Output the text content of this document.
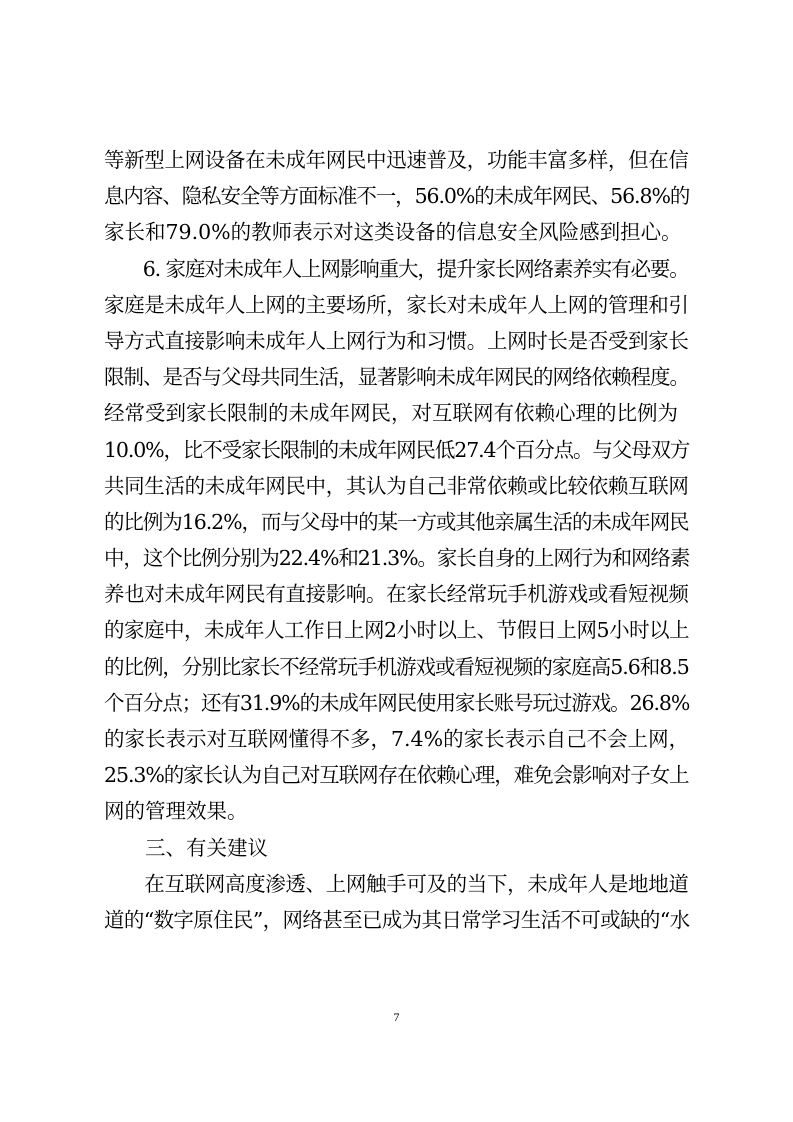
等新型上网设备在未成年网民中迅速普及，功能丰富多样，但在信
息内容、隐私安全等方面标准不一，56.0%的未成年网民、56.8%的
家长和79.0%的教师表示对这类设备的信息安全风险感到担心。
　　6. 家庭对未成年人上网影响重大，提升家长网络素养实有必要。
家庭是未成年人上网的主要场所，家长对未成年人上网的管理和引
导方式直接影响未成年人上网行为和习惯。上网时长是否受到家长
限制、是否与父母共同生活，显著影响未成年网民的网络依赖程度。
经常受到家长限制的未成年网民，对互联网有依赖心理的比例为
10.0%，比不受家长限制的未成年网民低27.4个百分点。与父母双方
共同生活的未成年网民中，其认为自己非常依赖或比较依赖互联网
的比例为16.2%，而与父母中的某一方或其他亲属生活的未成年网民
中，这个比例分别为22.4%和21.3%。家长自身的上网行为和网络素
养也对未成年网民有直接影响。在家长经常玩手机游戏或看短视频
的家庭中，未成年人工作日上网2小时以上、节假日上网5小时以上
的比例，分别比家长不经常玩手机游戏或看短视频的家庭高5.6和8.5
个百分点；还有31.9%的未成年网民使用家长账号玩过游戏。26.8%
的家长表示对互联网懂得不多，7.4%的家长表示自己不会上网，
25.3%的家长认为自己对互联网存在依赖心理，难免会影响对子女上
网的管理效果。
　　三、有关建议
　　在互联网高度渗透、上网触手可及的当下，未成年人是地地道
道的“数字原住民”，网络甚至已成为其日常学习生活不可或缺的“水
7
